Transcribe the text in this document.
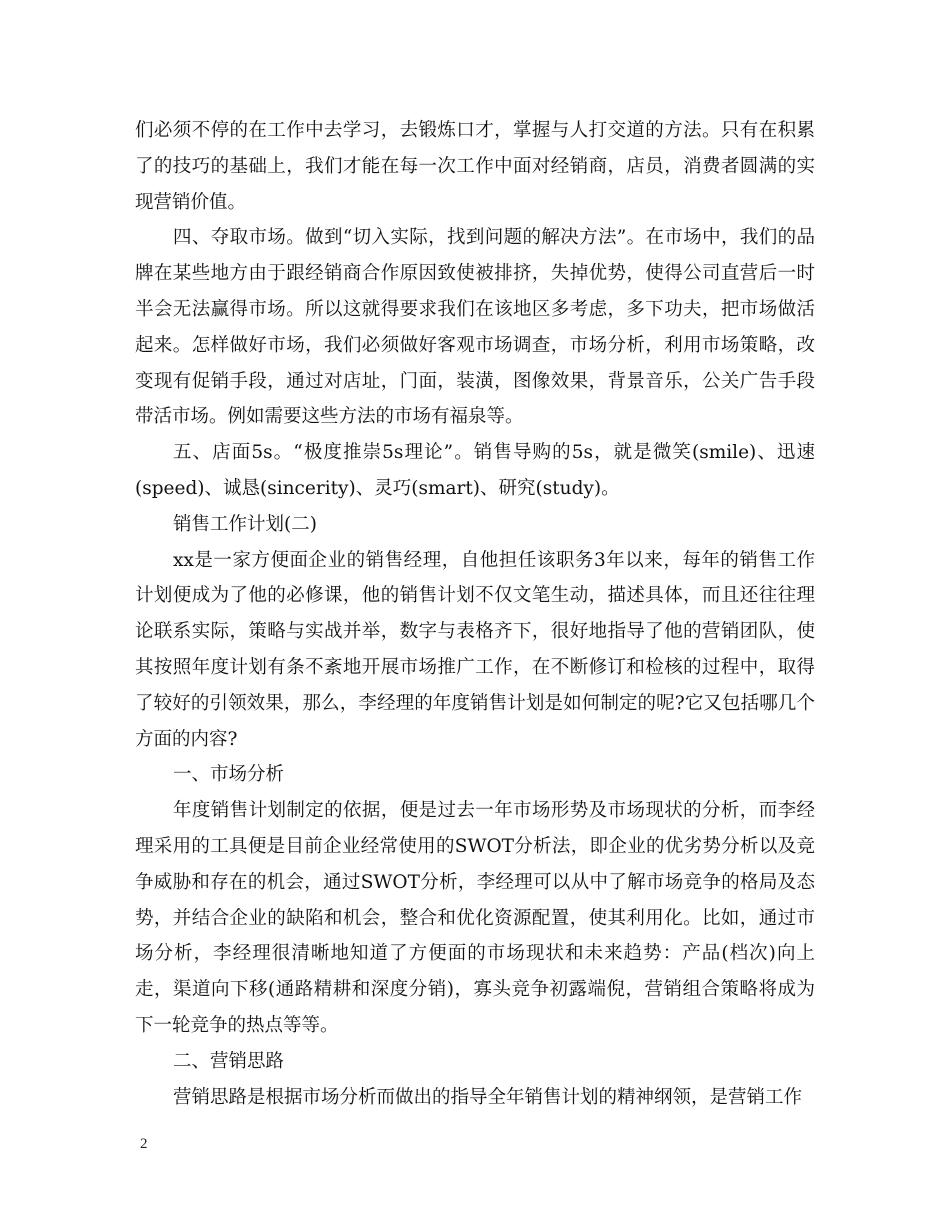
们必须不停的在工作中去学习，去锻炼口才，掌握与人打交道的方法。只有在积累了的技巧的基础上，我们才能在每一次工作中面对经销商，店员，消费者圆满的实现营销价值。

四、夺取市场。做到“切入实际，找到问题的解决方法”。在市场中，我们的品牌在某些地方由于跟经销商合作原因致使被排挤，失掉优势，使得公司直营后一时半会无法赢得市场。所以这就得要求我们在该地区多考虑，多下功夫，把市场做活起来。怎样做好市场，我们必须做好客观市场调查，市场分析，利用市场策略，改变现有促销手段，通过对店址，门面，装潢，图像效果，背景音乐，公关广告手段带活市场。例如需要这些方法的市场有福泉等。

五、店面5s。“极度推崇5s理论”。销售导购的5s，就是微笑(smile)、迅速(speed)、诚恳(sincerity)、灵巧(smart)、研究(study)。

销售工作计划(二)

xx是一家方便面企业的销售经理，自他担任该职务3年以来，每年的销售工作计划便成为了他的必修课，他的销售计划不仅文笔生动，描述具体，而且还往往理论联系实际，策略与实战并举，数字与表格齐下，很好地指导了他的营销团队，使其按照年度计划有条不紊地开展市场推广工作，在不断修订和检核的过程中，取得了较好的引领效果，那么，李经理的年度销售计划是如何制定的呢?它又包括哪几个方面的内容?

一、市场分析

年度销售计划制定的依据，便是过去一年市场形势及市场现状的分析，而李经理采用的工具便是目前企业经常使用的SWOT分析法，即企业的优劣势分析以及竞争威胁和存在的机会，通过SWOT分析，李经理可以从中了解市场竞争的格局及态势，并结合企业的缺陷和机会，整合和优化资源配置，使其利用化。比如，通过市场分析，李经理很清晰地知道了方便面的市场现状和未来趋势：产品(档次)向上走，渠道向下移(通路精耕和深度分销)，寡头竞争初露端倪，营销组合策略将成为下一轮竞争的热点等等。

二、营销思路

营销思路是根据市场分析而做出的指导全年销售计划的精神纲领，是营销工作

2
